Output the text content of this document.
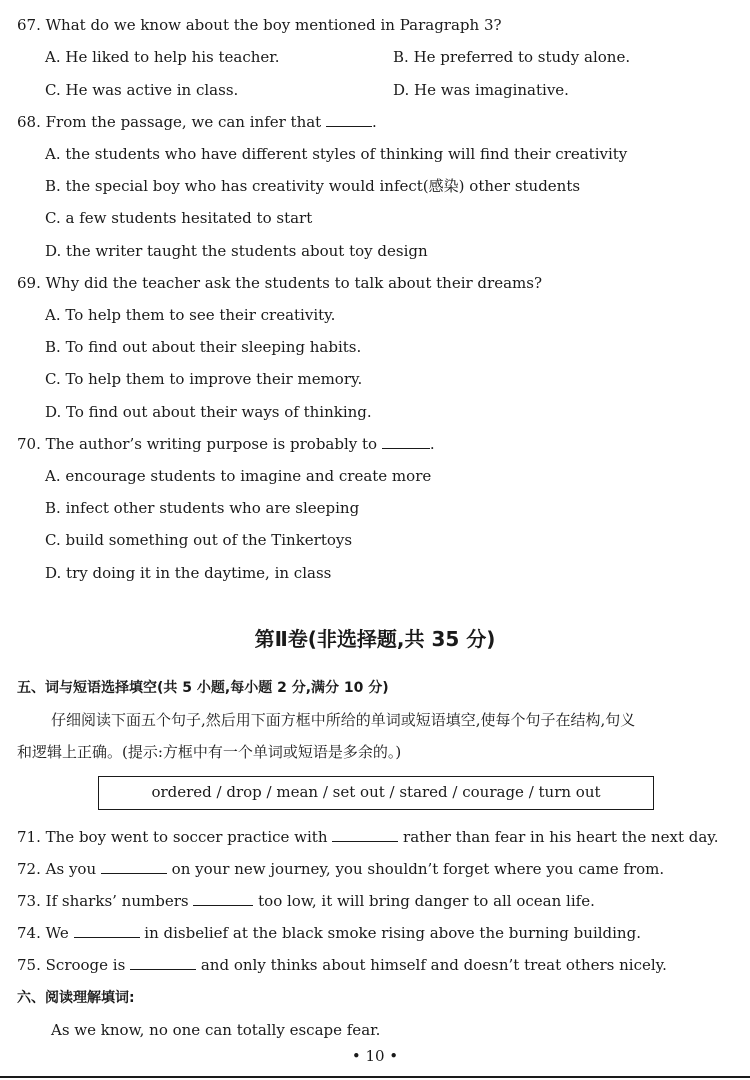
67. What do we know about the boy mentioned in Paragraph 3?
A. He liked to help his teacher.	B. He preferred to study alone.
C. He was active in class.	D. He was imaginative.
68. From the passage, we can infer that	.
A. the students who have different styles of thinking will find their creativity
B. the special boy who has creativity would infect(感染) other students
C. a few students hesitated to start
D. the writer taught the students about toy design
69. Why did the teacher ask the students to talk about their dreams?
A. To help them to see their creativity.
B. To find out about their sleeping habits.
C. To help them to improve their memory.
D. To find out about their ways of thinking.
70. The author’s writing purpose is probably to	.
A. encourage students to imagine and create more
B. infect other students who are sleeping
C. build something out of the Tinkertoys
D. try doing it in the daytime, in class
第Ⅱ卷(非选择题,共 35 分)
五、词与短语选择填空(共 5 小题,每小题 2 分,满分 10 分)
仔细阅读下面五个句子,然后用下面方框中所给的单词或短语填空,使每个句子在结构,句义
和逻辑上正确。(提示:方框中有一个单词或短语是多余的。)
ordered / drop / mean / set out / stared / courage / turn out
71. The boy went to soccer practice with	rather than fear in his heart the next day.
72. As you	on your new journey, you shouldn’t forget where you came from.
73. If sharks’ numbers	too low, it will bring danger to all ocean life.
74. We	in disbelief at the black smoke rising above the burning building.
75. Scrooge is	and only thinks about himself and doesn’t treat others nicely.
六、阅读理解填词:
As we know, no one can totally escape fear.
• 10 •
